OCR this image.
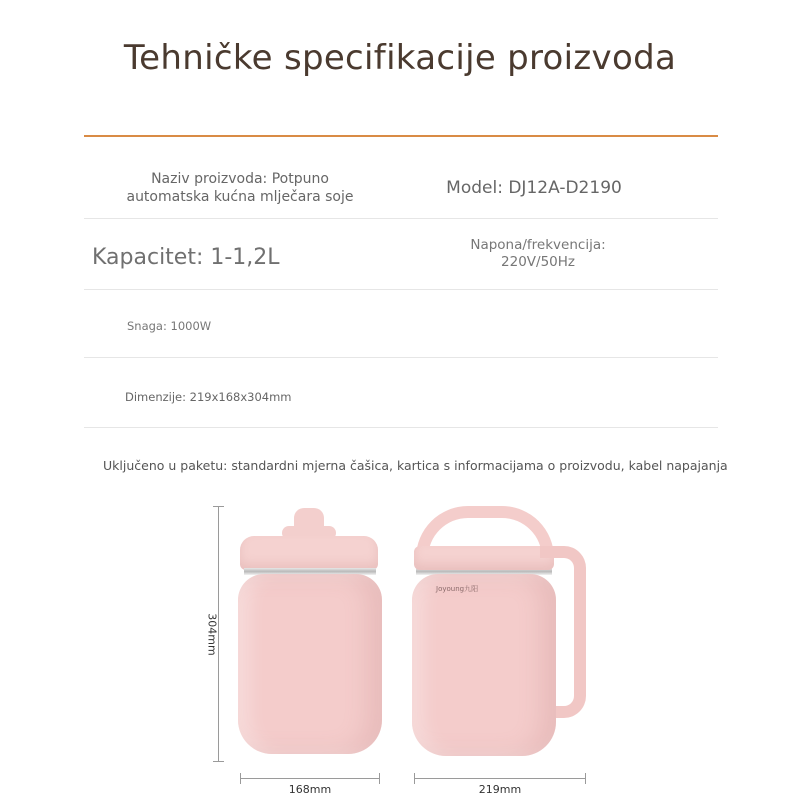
Tehničke specifikacije proizvoda
Naziv proizvoda: Potpuno
automatska kućna mlječara soje	Model: DJ12A-D2190
Kapacitet: 1-1,2L	Napona/frekvencija:
220V/50Hz
Snaga: 1000W
Dimenzije: 219x168x304mm
Uključeno u paketu: standardni mjerna čašica, kartica s informacijama o proizvodu, kabel napajanja
304mm
Joyoung九阳
168mm	219mm
